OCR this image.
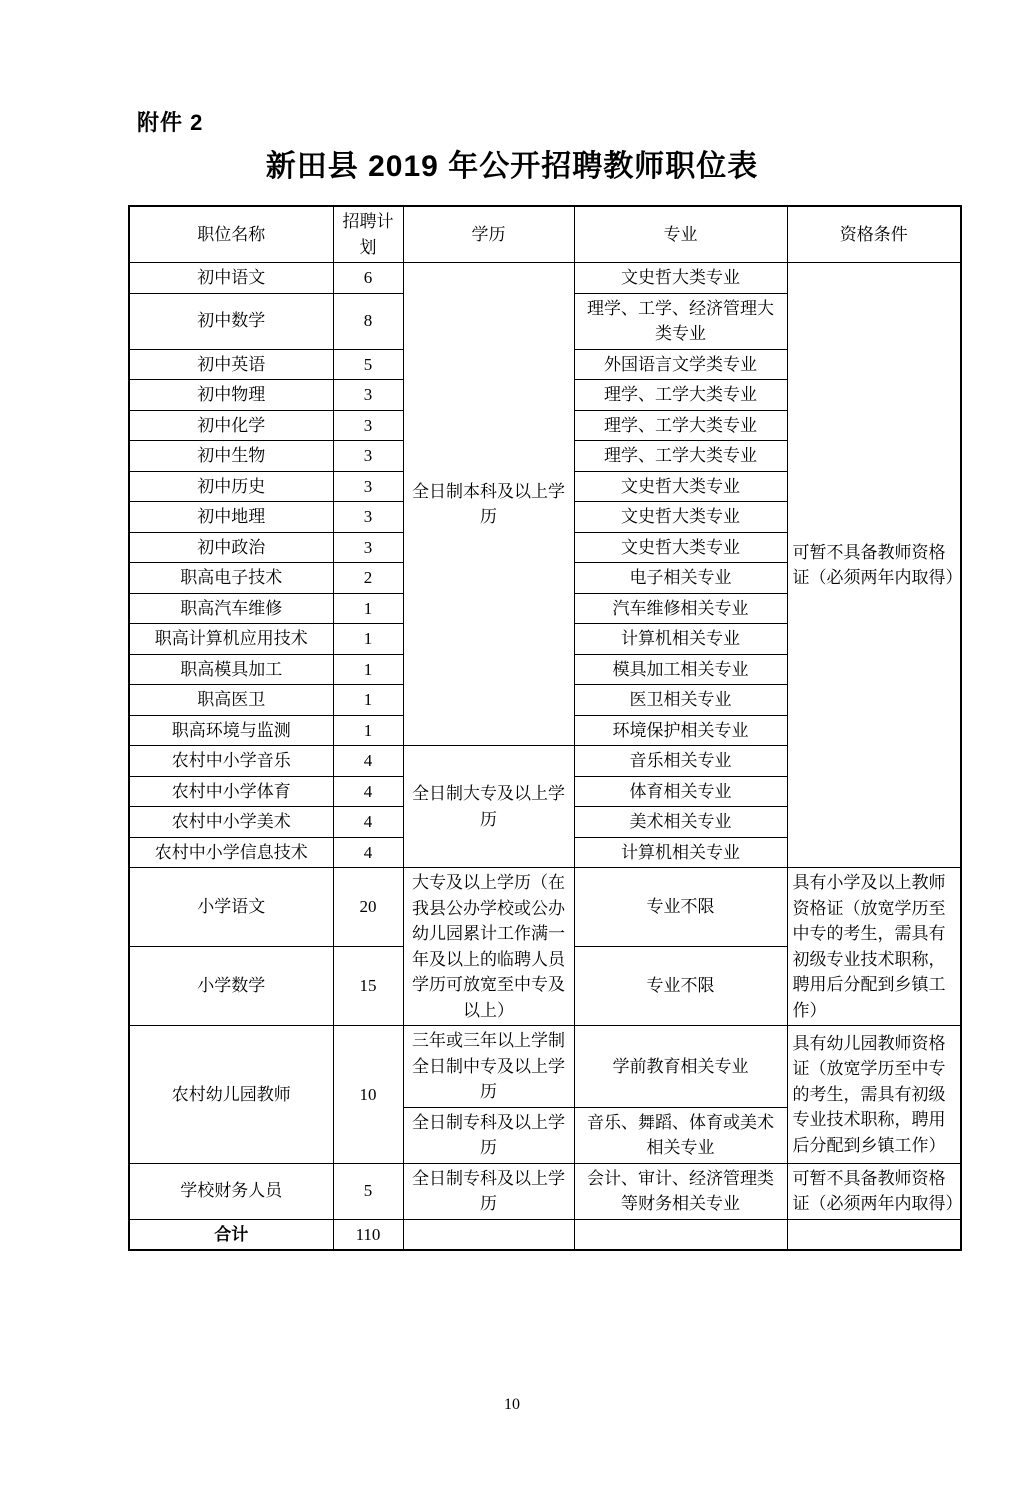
附件 2
新田县 2019 年公开招聘教师职位表
职位名称	招聘计划	学历	专业	资格条件
初中语文	6	全日制本科及以上学历	文史哲大类专业	可暂不具备教师资格证（必须两年内取得）
初中数学	8		理学、工学、经济管理大类专业	
初中英语	5		外国语言文学类专业	
初中物理	3		理学、工学大类专业	
初中化学	3		理学、工学大类专业	
初中生物	3		理学、工学大类专业	
初中历史	3		文史哲大类专业	
初中地理	3		文史哲大类专业	
初中政治	3		文史哲大类专业	
职高电子技术	2		电子相关专业	
职高汽车维修	1		汽车维修相关专业	
职高计算机应用技术	1		计算机相关专业	
职高模具加工	1		模具加工相关专业	
职高医卫	1		医卫相关专业	
职高环境与监测	1		环境保护相关专业	
农村中小学音乐	4	全日制大专及以上学历	音乐相关专业	
农村中小学体育	4		体育相关专业	
农村中小学美术	4		美术相关专业	
农村中小学信息技术	4		计算机相关专业	
小学语文	20	大专及以上学历（在我县公办学校或公办幼儿园累计工作满一年及以上的临聘人员学历可放宽至中专及以上）	专业不限	具有小学及以上教师资格证（放宽学历至中专的考生，需具有初级专业技术职称，聘用后分配到乡镇工作）
小学数学	15		专业不限	
农村幼儿园教师	10	三年或三年以上学制全日制中专及以上学历	学前教育相关专业	具有幼儿园教师资格证（放宽学历至中专的考生，需具有初级专业技术职称，聘用后分配到乡镇工作）
		全日制专科及以上学历	音乐、舞蹈、体育或美术相关专业	
学校财务人员	5	全日制专科及以上学历	会计、审计、经济管理类等财务相关专业	可暂不具备教师资格证（必须两年内取得）
合计	110			
10
